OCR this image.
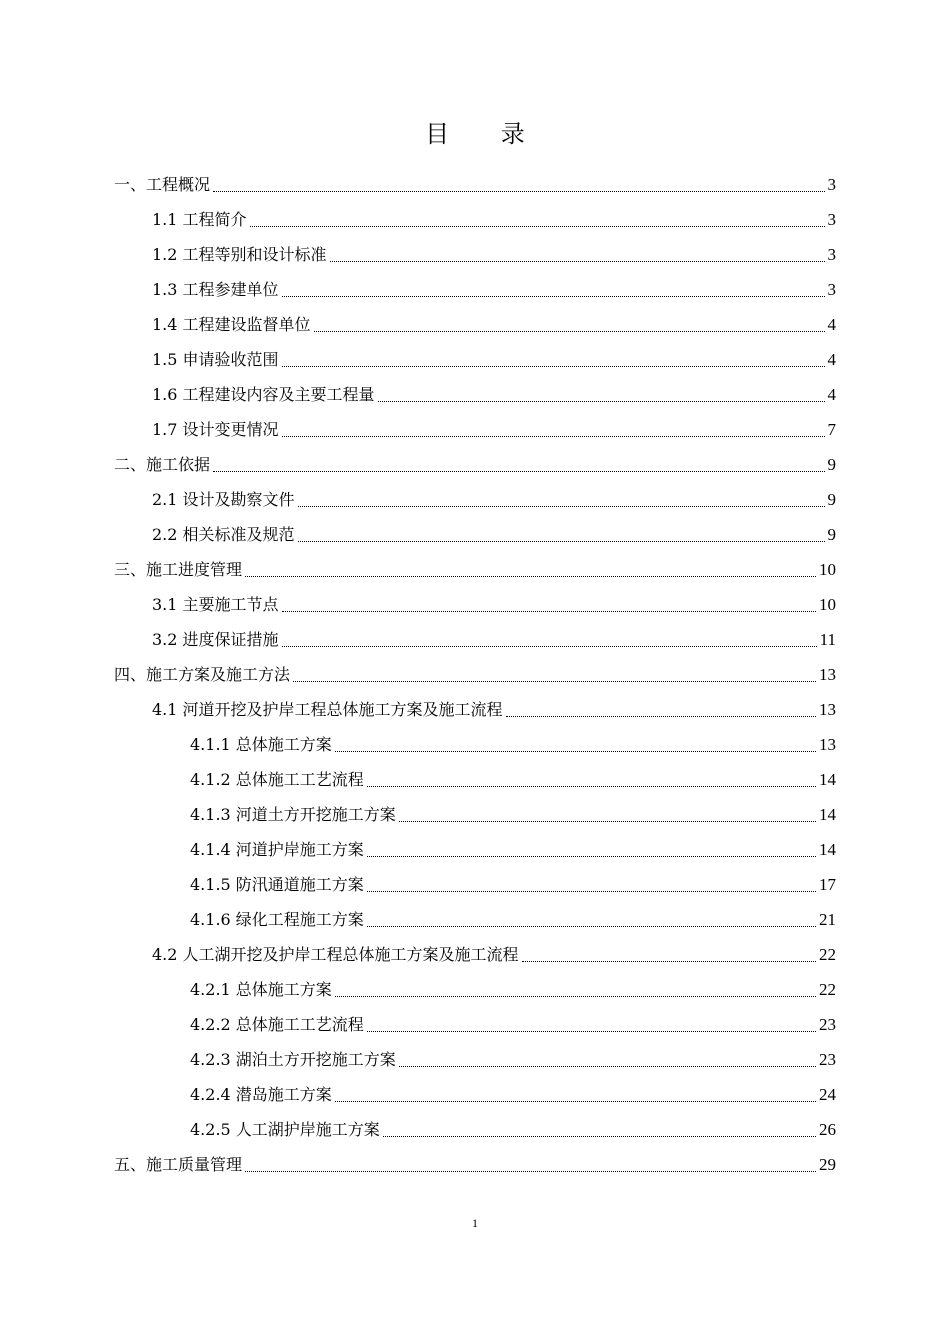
目 录
一、工程概况	3
1.1 工程简介	3
1.2 工程等别和设计标准	3
1.3 工程参建单位	3
1.4 工程建设监督单位	4
1.5 申请验收范围	4
1.6 工程建设内容及主要工程量	4
1.7 设计变更情况	7
二、施工依据	9
2.1 设计及勘察文件	9
2.2 相关标准及规范	9
三、施工进度管理	10
3.1 主要施工节点	10
3.2 进度保证措施	11
四、施工方案及施工方法	13
4.1 河道开挖及护岸工程总体施工方案及施工流程	13
4.1.1 总体施工方案	13
4.1.2 总体施工工艺流程	14
4.1.3 河道土方开挖施工方案	14
4.1.4 河道护岸施工方案	14
4.1.5 防汛通道施工方案	17
4.1.6 绿化工程施工方案	21
4.2 人工湖开挖及护岸工程总体施工方案及施工流程	22
4.2.1 总体施工方案	22
4.2.2 总体施工工艺流程	23
4.2.3 湖泊土方开挖施工方案	23
4.2.4 潜岛施工方案	24
4.2.5 人工湖护岸施工方案	26
五、施工质量管理	29
1
